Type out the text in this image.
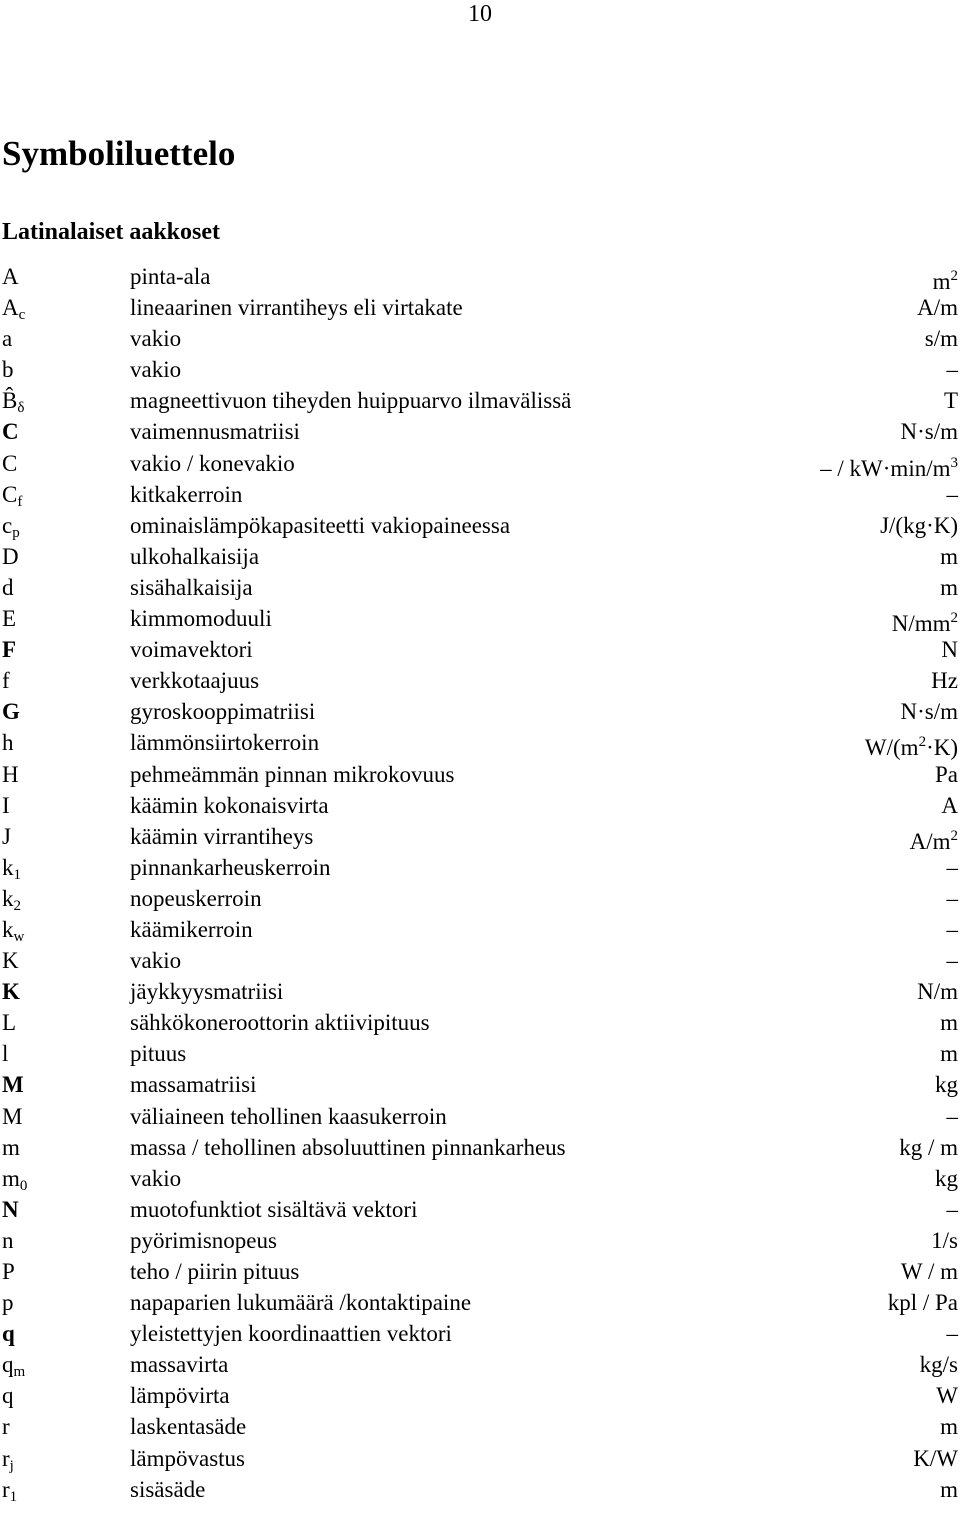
10
Symboliluettelo
Latinalaiset aakkoset
A	pinta-ala	$m^2$
$A_c$	lineaarinen virrantiheys eli virtakate	A/m
a	vakio	s/m
b	vakio	–
$B̂_\delta$	magneettivuon tiheyden huippuarvo ilmavälissä	T
C	vaimennusmatriisi	N·s/m
C	vakio / konevakio	– / $kW\cdot\min/m^3$
$C_f$	kitkakerroin	–
$c_p$	ominaislämpökapasiteetti vakiopaineessa	J/(kg·K)
D	ulkohalkaisija	m
d	sisähalkaisija	m
E	kimmomoduuli	$N/mm^2$
F	voimavektori	N
f	verkkotaajuus	Hz
G	gyroskooppimatriisi	N·s/m
h	lämmönsiirtokerroin	$W/(m^2\cdot K)$
H	pehmeämmän pinnan mikrokovuus	Pa
I	käämin kokonaisvirta	A
J	käämin virrantiheys	$A/m^2$
$k_1$	pinnankarheuskerroin	–
$k_2$	nopeuskerroin	–
$k_w$	käämikerroin	–
K	vakio	–
K	jäykkyysmatriisi	N/m
L	sähkökoneroottorin aktiivipituus	m
l	pituus	m
M	massamatriisi	kg
M	väliaineen tehollinen kaasukerroin	–
m	massa / tehollinen absoluuttinen pinnankarheus	kg / m
$m_0$	vakio	kg
N	muotofunktiot sisältävä vektori	–
n	pyörimisnopeus	1/s
P	teho / piirin pituus	W / m
p	napaparien lukumäärä /kontaktipaine	kpl / Pa
q	yleistettyjen koordinaattien vektori	–
$q_m$	massavirta	kg/s
q	lämpövirta	W
r	laskentasäde	m
$r_j$	lämpövastus	K/W
$r_1$	sisäsäde	m
